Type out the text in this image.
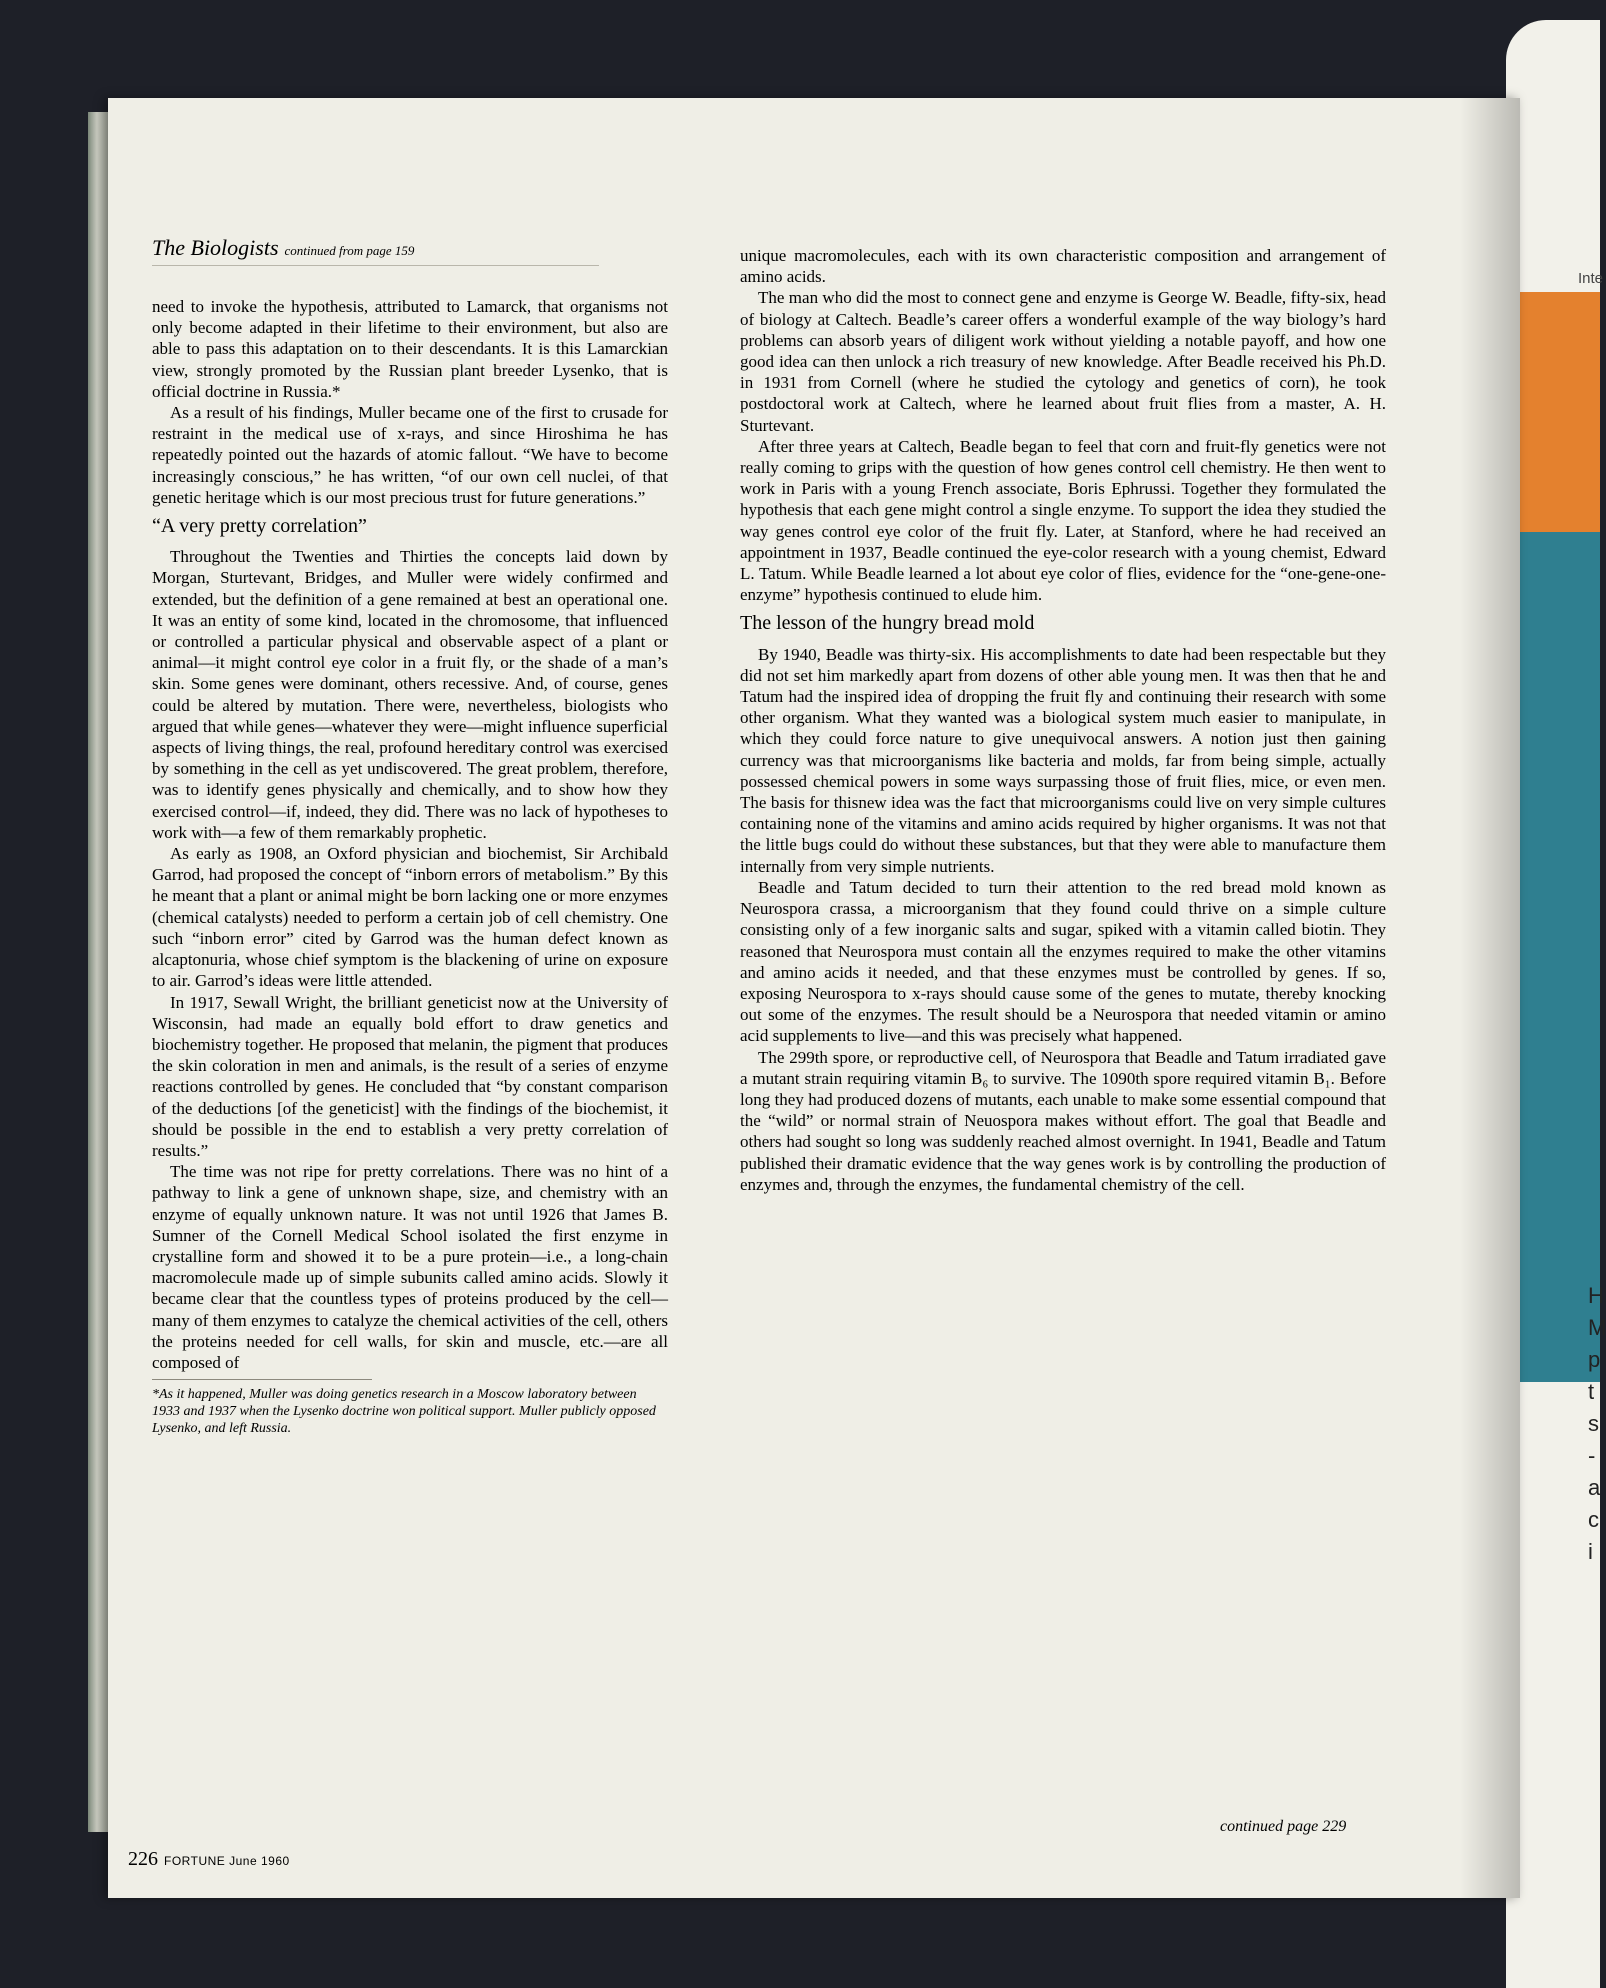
Inte
H
M
p
t
s
-
a
c
i
The Biologists continued from page 159

need to invoke the hypothesis, attributed to Lamarck, that organisms not only become adapted in their lifetime to their environment, but also are able to pass this adaptation on to their descendants. It is this Lamarckian view, strongly promoted by the Russian plant breeder Lysenko, that is official doctrine in Russia.*

As a result of his findings, Muller became one of the first to crusade for restraint in the medical use of x-rays, and since Hiroshima he has repeatedly pointed out the hazards of atomic fallout. “We have to become increasingly conscious,” he has written, “of our own cell nuclei, of that genetic heritage which is our most precious trust for future generations.”

“A very pretty correlation”

Throughout the Twenties and Thirties the concepts laid down by Morgan, Sturtevant, Bridges, and Muller were widely confirmed and extended, but the definition of a gene remained at best an operational one. It was an entity of some kind, located in the chromosome, that influenced or controlled a particular physical and observable aspect of a plant or animal—it might control eye color in a fruit fly, or the shade of a man’s skin. Some genes were dominant, others recessive. And, of course, genes could be altered by mutation. There were, nevertheless, biologists who argued that while genes—whatever they were—might influence superficial aspects of living things, the real, profound hereditary control was exercised by something in the cell as yet undiscovered. The great problem, therefore, was to identify genes physically and chemically, and to show how they exercised control—if, indeed, they did. There was no lack of hypotheses to work with—a few of them remarkably prophetic.

As early as 1908, an Oxford physician and biochemist, Sir Archibald Garrod, had proposed the concept of “inborn errors of metabolism.” By this he meant that a plant or animal might be born lacking one or more enzymes (chemical catalysts) needed to perform a certain job of cell chemistry. One such “inborn error” cited by Garrod was the human defect known as alcaptonuria, whose chief symptom is the blackening of urine on exposure to air. Garrod’s ideas were little attended.

In 1917, Sewall Wright, the brilliant geneticist now at the University of Wisconsin, had made an equally bold effort to draw genetics and biochemistry together. He proposed that melanin, the pigment that produces the skin coloration in men and animals, is the result of a series of enzyme reactions controlled by genes. He concluded that “by constant comparison of the deductions [of the geneticist] with the findings of the biochemist, it should be possible in the end to establish a very pretty correlation of results.”

The time was not ripe for pretty correlations. There was no hint of a pathway to link a gene of unknown shape, size, and chemistry with an enzyme of equally unknown nature. It was not until 1926 that James B. Sumner of the Cornell Medical School isolated the first enzyme in crystalline form and showed it to be a pure protein—i.e., a long-chain macromolecule made up of simple subunits called amino acids. Slowly it became clear that the countless types of proteins produced by the cell—many of them enzymes to catalyze the chemical activities of the cell, others the proteins needed for cell walls, for skin and muscle, etc.—are all composed of

*As it happened, Muller was doing genetics research in a Moscow laboratory between 1933 and 1937 when the Lysenko doctrine won political support. Muller publicly opposed Lysenko, and left Russia.

unique macromolecules, each with its own characteristic composition and arrangement of amino acids.

The man who did the most to connect gene and enzyme is George W. Beadle, fifty-six, head of biology at Caltech. Beadle’s career offers a wonderful example of the way biology’s hard problems can absorb years of diligent work without yielding a notable payoff, and how one good idea can then unlock a rich treasury of new knowledge. After Beadle received his Ph.D. in 1931 from Cornell (where he studied the cytology and genetics of corn), he took postdoctoral work at Caltech, where he learned about fruit flies from a master, A. H. Sturtevant.

After three years at Caltech, Beadle began to feel that corn and fruit-fly genetics were not really coming to grips with the question of how genes control cell chemistry. He then went to work in Paris with a young French associate, Boris Ephrussi. Together they formulated the hypothesis that each gene might control a single enzyme. To support the idea they studied the way genes control eye color of the fruit fly. Later, at Stanford, where he had received an appointment in 1937, Beadle continued the eye-color research with a young chemist, Edward L. Tatum. While Beadle learned a lot about eye color of flies, evidence for the “one-gene-one-enzyme” hypothesis continued to elude him.

The lesson of the hungry bread mold

By 1940, Beadle was thirty-six. His accomplishments to date had been respectable but they did not set him markedly apart from dozens of other able young men. It was then that he and Tatum had the inspired idea of dropping the fruit fly and continuing their research with some other organism. What they wanted was a biological system much easier to manipulate, in which they could force nature to give unequivocal answers. A notion just then gaining currency was that microorganisms like bacteria and molds, far from being simple, actually possessed chemical powers in some ways surpassing those of fruit flies, mice, or even men. The basis for thisnew idea was the fact that microorganisms could live on very simple cultures containing none of the vitamins and amino acids required by higher organisms. It was not that the little bugs could do without these substances, but that they were able to manufacture them internally from very simple nutrients.

Beadle and Tatum decided to turn their attention to the red bread mold known as Neurospora crassa, a microorganism that they found could thrive on a simple culture consisting only of a few inorganic salts and sugar, spiked with a vitamin called biotin. They reasoned that Neurospora must contain all the enzymes required to make the other vitamins and amino acids it needed, and that these enzymes must be controlled by genes. If so, exposing Neurospora to x-rays should cause some of the genes to mutate, thereby knocking out some of the enzymes. The result should be a Neurospora that needed vitamin or amino acid supplements to live—and this was precisely what happened.

The 299th spore, or reproductive cell, of Neurospora that Beadle and Tatum irradiated gave a mutant strain requiring vitamin B₆ to survive. The 1090th spore required vitamin B₁. Before long they had produced dozens of mutants, each unable to make some essential compound that the “wild” or normal strain of Neuospora makes without effort. The goal that Beadle and others had sought so long was suddenly reached almost overnight. In 1941, Beadle and Tatum published their dramatic evidence that the way genes work is by controlling the production of enzymes and, through the enzymes, the fundamental chemistry of the cell.

continued page 229
226 FORTUNE June 1960
